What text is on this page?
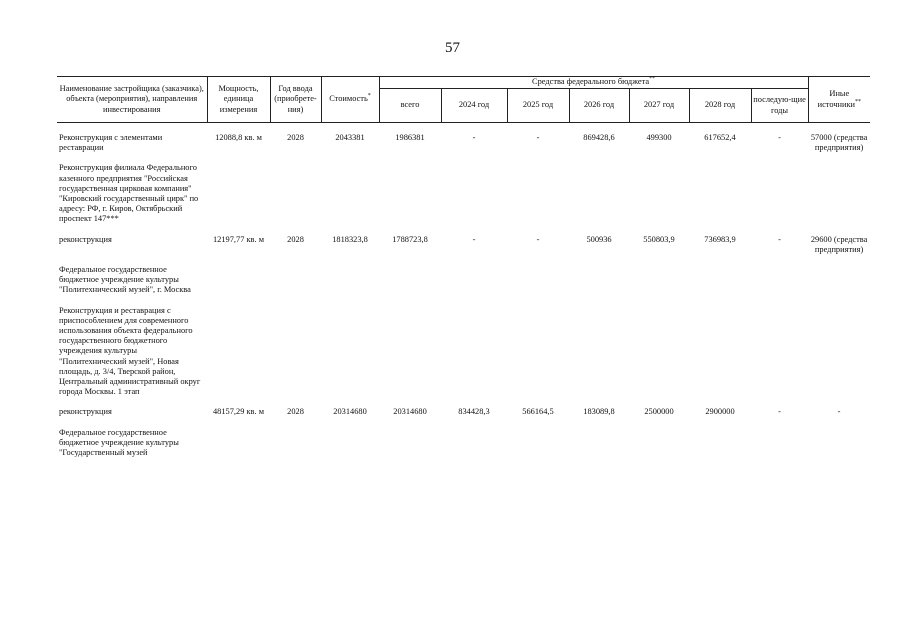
57
Наименование застройщика (заказчика), объекта (мероприятия), направления инвестирования	Мощность, единица измерения	Год ввода (приобрете-ния)	Стоимость*	Средства федерального бюджета**							Иные источники**
				всего	2024 год	2025 год	2026 год	2027 год	2028 год	последую-щие годы	

Реконструкция с элементами реставрации	12088,8 кв. м	2028	2043381	1986381	-	-	869428,6	499300	617652,4	-	57000 (средства предприятия)

Реконструкция филиала Федерального казенного предприятия "Российская государственная цирковая компания" "Кировский государственный цирк" по адресу: РФ, г. Киров, Октябрьский проспект 147***											

реконструкция	12197,77 кв. м	2028	1818323,8	1788723,8	-	-	500936	550803,9	736983,9	-	29600 (средства предприятия)

Федеральное государственное бюджетное учреждение культуры "Политехнический музей", г. Москва											

Реконструкция и реставрация с приспособлением для современного использования объекта федерального государственного бюджетного учреждения культуры "Политехнический музей", Новая площадь, д. 3/4, Тверской район, Центральный административный округ города Москвы. 1 этап											

реконструкция	48157,29 кв. м	2028	20314680	20314680	834428,3	566164,5	183089,8	2500000	2900000	-	-

Федеральное государственное бюджетное учреждение культуры "Государственный музей											
